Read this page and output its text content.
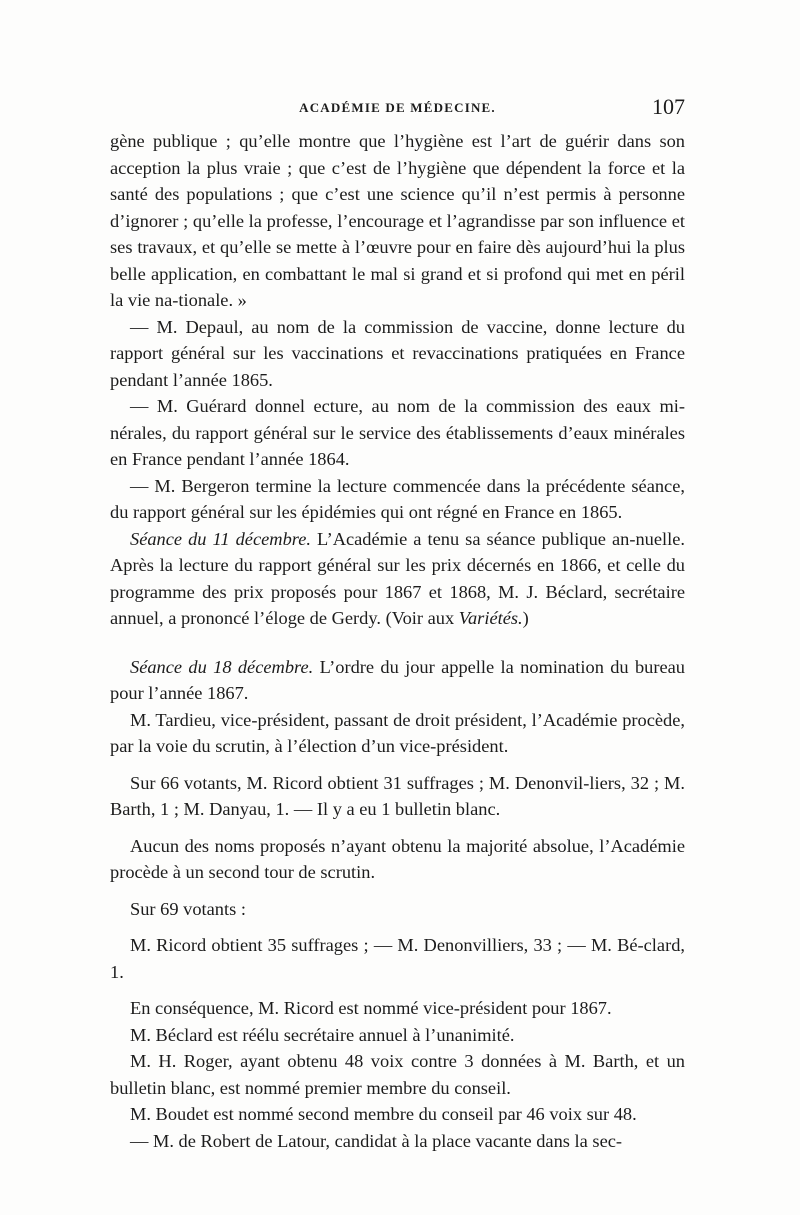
ACADÉMIE DE MÉDECINE.	107

gène publique ; qu’elle montre que l’hygiène est l’art de guérir dans son acception la plus vraie ; que c’est de l’hygiène que dépendent la force et la santé des populations ; que c’est une science qu’il n’est permis à personne d’ignorer ; qu’elle la professe, l’encourage et l’agrandisse par son influence et ses travaux, et qu’elle se mette à l’œuvre pour en faire dès aujourd’hui la plus belle application, en combattant le mal si grand et si profond qui met en péril la vie na-tionale. »

— M. Depaul, au nom de la commission de vaccine, donne lecture du rapport général sur les vaccinations et revaccinations pratiquées en France pendant l’année 1865.

— M. Guérard donnel ecture, au nom de la commission des eaux mi-nérales, du rapport général sur le service des établissements d’eaux minérales en France pendant l’année 1864.

— M. Bergeron termine la lecture commencée dans la précédente séance, du rapport général sur les épidémies qui ont régné en France en 1865.

Séance du 11 décembre. L’Académie a tenu sa séance publique an-nuelle. Après la lecture du rapport général sur les prix décernés en 1866, et celle du programme des prix proposés pour 1867 et 1868, M. J. Béclard, secrétaire annuel, a prononcé l’éloge de Gerdy. (Voir aux Variétés.)

Séance du 18 décembre. L’ordre du jour appelle la nomination du bureau pour l’année 1867.

M. Tardieu, vice-président, passant de droit président, l’Académie procède, par la voie du scrutin, à l’élection d’un vice-président.

Sur 66 votants, M. Ricord obtient 31 suffrages ; M. Denonvil-liers, 32 ; M. Barth, 1 ; M. Danyau, 1. — Il y a eu 1 bulletin blanc.

Aucun des noms proposés n’ayant obtenu la majorité absolue, l’Académie procède à un second tour de scrutin.

Sur 69 votants :

M. Ricord obtient 35 suffrages ; — M. Denonvilliers, 33 ; — M. Bé-clard, 1.

En conséquence, M. Ricord est nommé vice-président pour 1867.

M. Béclard est réélu secrétaire annuel à l’unanimité.

M. H. Roger, ayant obtenu 48 voix contre 3 données à M. Barth, et un bulletin blanc, est nommé premier membre du conseil.

M. Boudet est nommé second membre du conseil par 46 voix sur 48.

— M. de Robert de Latour, candidat à la place vacante dans la sec-
